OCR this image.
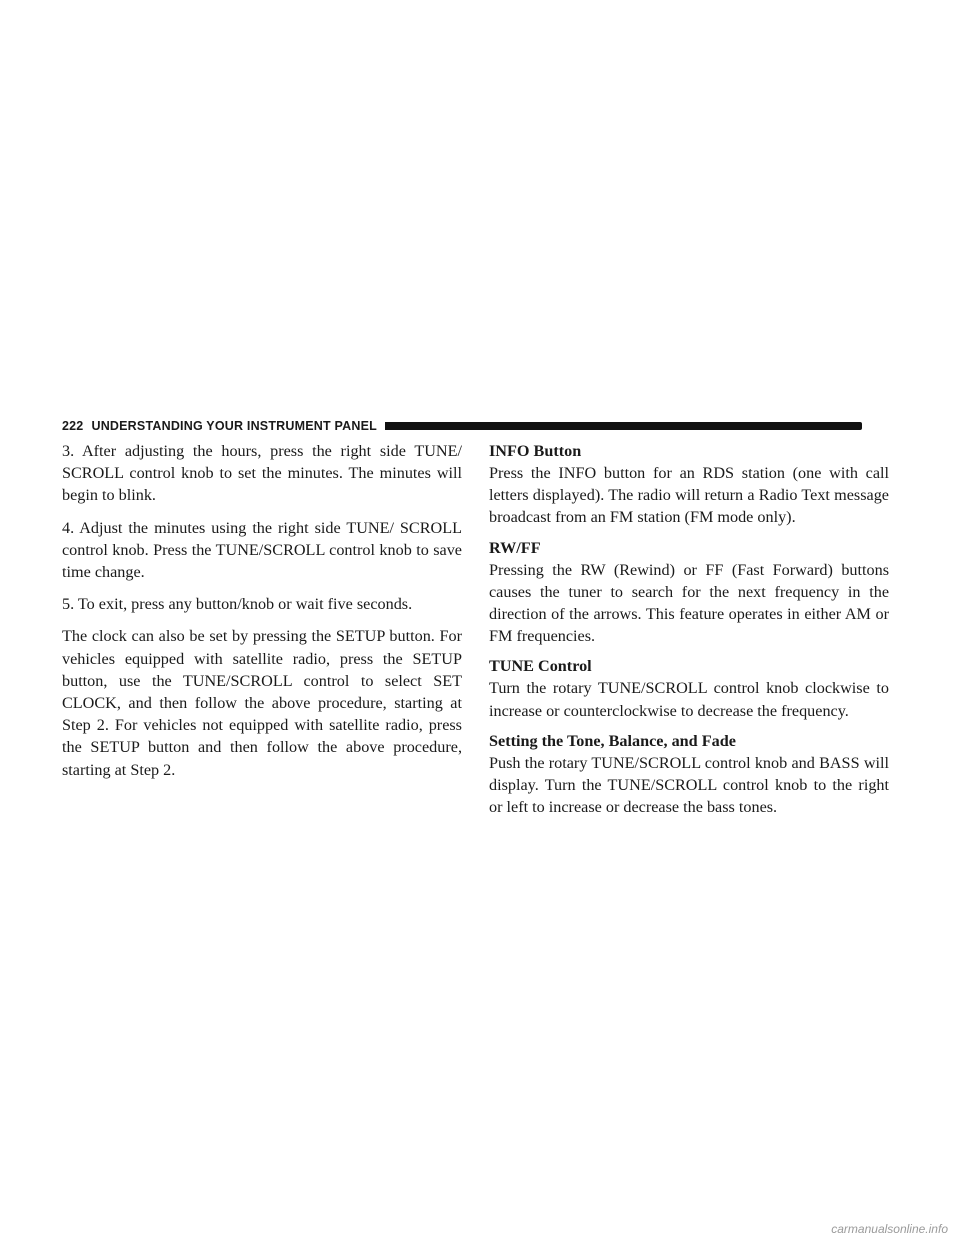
222 UNDERSTANDING YOUR INSTRUMENT PANEL

3. After adjusting the hours, press the right side TUNE/ SCROLL control knob to set the minutes. The minutes will begin to blink.

4. Adjust the minutes using the right side TUNE/ SCROLL control knob. Press the TUNE/SCROLL control knob to save time change.

5. To exit, press any button/knob or wait five seconds.

The clock can also be set by pressing the SETUP button. For vehicles equipped with satellite radio, press the SETUP button, use the TUNE/SCROLL control to select SET CLOCK, and then follow the above procedure, starting at Step 2. For vehicles not equipped with satellite radio, press the SETUP button and then follow the above procedure, starting at Step 2.

INFO Button

Press the INFO button for an RDS station (one with call letters displayed). The radio will return a Radio Text message broadcast from an FM station (FM mode only).

RW/FF

Pressing the RW (Rewind) or FF (Fast Forward) buttons causes the tuner to search for the next frequency in the direction of the arrows. This feature operates in either AM or FM frequencies.

TUNE Control

Turn the rotary TUNE/SCROLL control knob clockwise to increase or counterclockwise to decrease the frequency.

Setting the Tone, Balance, and Fade

Push the rotary TUNE/SCROLL control knob and BASS will display. Turn the TUNE/SCROLL control knob to the right or left to increase or decrease the bass tones.

carmanualsonline.info
